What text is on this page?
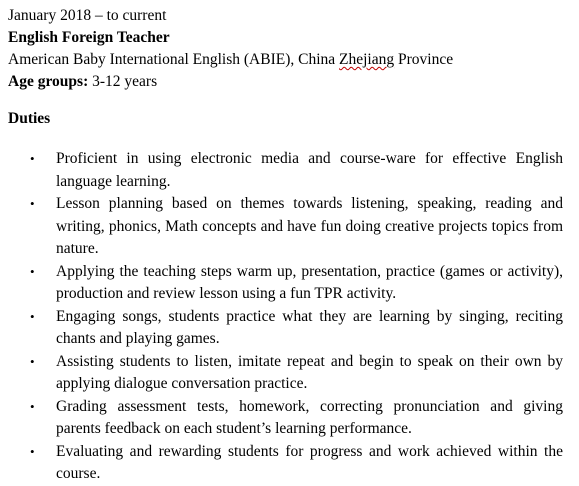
January 2018 – to current
English Foreign Teacher
American Baby International English (ABIE), China Zhejiang Province
Age groups: 3-12 years
Duties
• Proficient in using electronic media and course-ware for effective English language learning.
• Lesson planning based on themes towards listening, speaking, reading and writing, phonics, Math concepts and have fun doing creative projects topics from nature.
• Applying the teaching steps warm up, presentation, practice (games or activity), production and review lesson using a fun TPR activity.
• Engaging songs, students practice what they are learning by singing, reciting chants and playing games.
• Assisting students to listen, imitate repeat and begin to speak on their own by applying dialogue conversation practice.
• Grading assessment tests, homework, correcting pronunciation and giving parents feedback on each student’s learning performance.
• Evaluating and rewarding students for progress and work achieved within the course.
